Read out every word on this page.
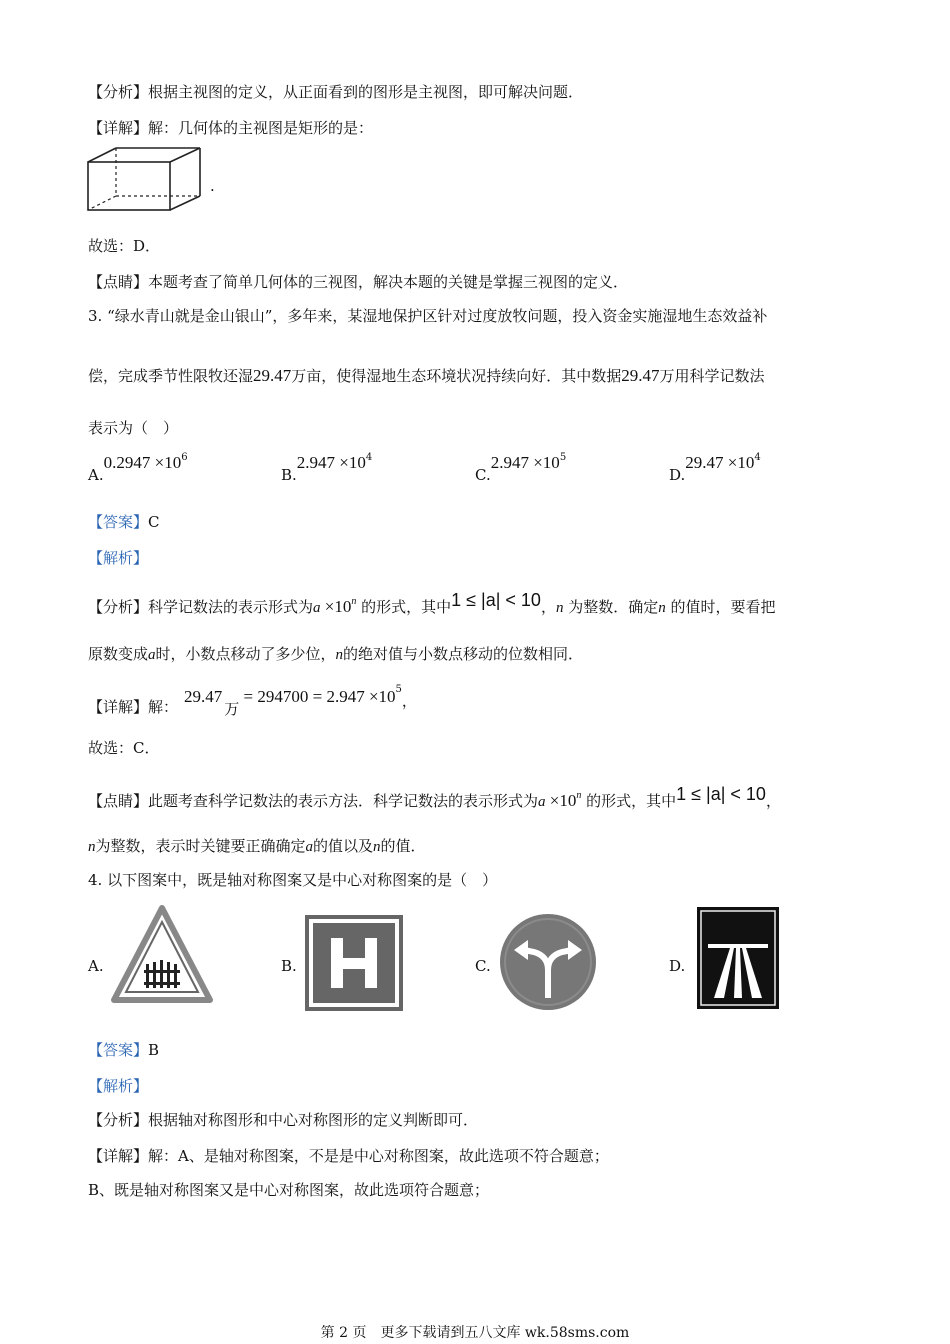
【分析】根据主视图的定义，从正面看到的图形是主视图，即可解决问题．
【详解】解：几何体的主视图是矩形的是：
.
故选：D．
【点睛】本题考查了简单几何体的三视图，解决本题的关键是掌握三视图的定义．
3. “绿水青山就是金山银山”，多年来，某湿地保护区针对过度放牧问题，投入资金实施湿地生态效益补
偿，完成季节性限牧还湿29.47万亩，使得湿地生态环境状况持续向好．其中数据29.47万用科学记数法
表示为（　）
$A.0.2947 \times 10^6$
$B.2.947 \times 10^4$
$C.2.947 \times 10^5$
$D.29.47 \times 10^4$
【答案】C
【解析】
【分析】科学记数法的表示形式为$a \times 10^n$ 的形式，其中1 ≤ |a| < 10，n 为整数．确定n 的值时，要看把
原数变成a时，小数点移动了多少位，n的绝对值与小数点移动的位数相同．
【详解】解：29.47万 = $294700 = 2.947 \times 10^5$，
故选：C．
【点睛】此题考查科学记数法的表示方法．科学记数法的表示形式为$a \times 10^n$ 的形式，其中1 ≤ |a| < 10，
n为整数，表示时关键要正确确定a的值以及n的值．
4. 以下图案中，既是轴对称图案又是中心对称图案的是（　）
A.	B.	C.	D.
【答案】B
【解析】
【分析】根据轴对称图形和中心对称图形的定义判断即可．
【详解】解：A、是轴对称图案，不是是中心对称图案，故此选项不符合题意；
B、既是轴对称图案又是中心对称图案，故此选项符合题意；
第 2 页　更多下载请到五八文库 wk.58sms.com
